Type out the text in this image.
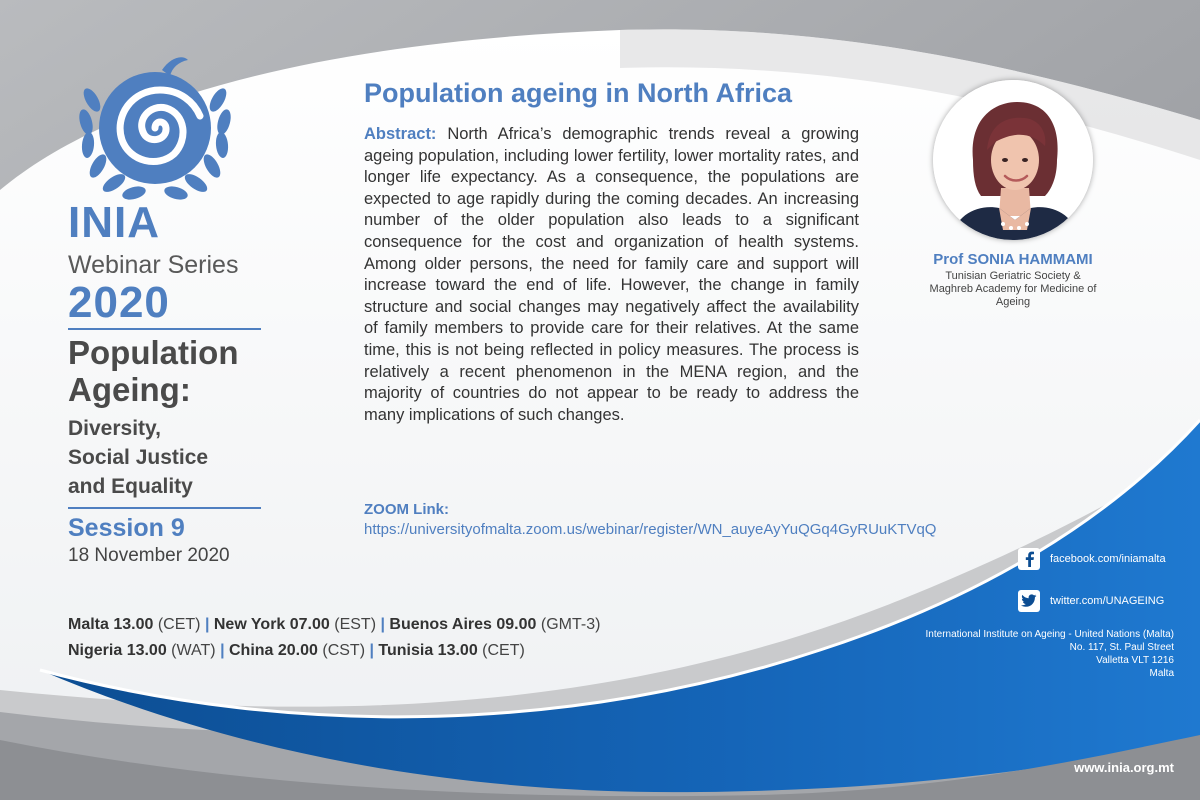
INIA
Webinar Series
2020
Population
Ageing:
Diversity,
Social Justice
and Equality
Session 9
18 November 2020
Malta 13.00 (CET) | New York 07.00 (EST) | Buenos Aires 09.00 (GMT-3)
Nigeria 13.00 (WAT) | China 20.00 (CST) | Tunisia 13.00 (CET)
Population ageing in North Africa
Abstract: North Africa’s demographic trends reveal a growing ageing population, including lower fertility, lower mortality rates, and longer life expectancy. As a consequence, the populations are expected to age rapidly during the coming decades. An increasing number of the older population also leads to a significant consequence for the cost and organization of health systems. Among older persons, the need for family care and support will increase toward the end of life. However, the change in family structure and social changes may negatively affect the availability of family members to provide care for their relatives. At the same time, this is not being reflected in policy measures. The process is relatively a recent phenomenon in the MENA region, and the majority of countries do not appear to be ready to address the many implications of such changes.
ZOOM Link:
https://universityofmalta.zoom.us/webinar/register/WN_auyeAyYuQGq4GyRUuKTVqQ
Prof SONIA HAMMAMI
Tunisian Geriatric Society &
Maghreb Academy for Medicine of
Ageing
facebook.com/iniamalta
twitter.com/UNAGEING
International Institute on Ageing - United Nations (Malta)
No. 117, St. Paul Street
Valletta VLT 1216
Malta
www.inia.org.mt
